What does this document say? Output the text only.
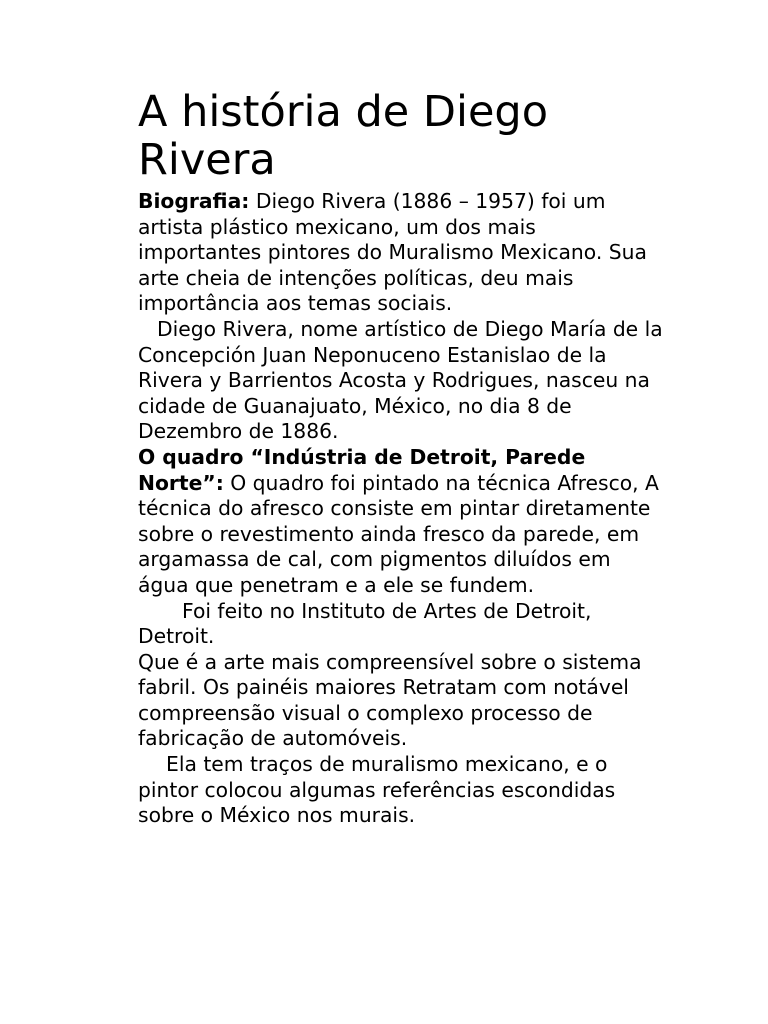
A história de Diego Rivera

Biografia: Diego Rivera (1886 – 1957) foi um artista plástico mexicano, um dos mais importantes pintores do Muralismo Mexicano. Sua arte cheia de intenções políticas, deu mais importância aos temas sociais.

Diego Rivera, nome artístico de Diego María de la Concepción Juan Neponuceno Estanislao de la Rivera y Barrientos Acosta y Rodrigues, nasceu na cidade de Guanajuato, México, no dia 8 de Dezembro de 1886.

O quadro “Indústria de Detroit, Parede Norte”: O quadro foi pintado na técnica Afresco, A técnica do afresco consiste em pintar diretamente sobre o revestimento ainda fresco da parede, em argamassa de cal, com pigmentos diluídos em água que penetram e a ele se fundem.

Foi feito no Instituto de Artes de Detroit, Detroit.

Que é a arte mais compreensível sobre o sistema fabril. Os painéis maiores Retratam com notável compreensão visual o complexo processo de fabricação de automóveis.

Ela tem traços de muralismo mexicano, e o pintor colocou algumas referências escondidas sobre o México nos murais.
